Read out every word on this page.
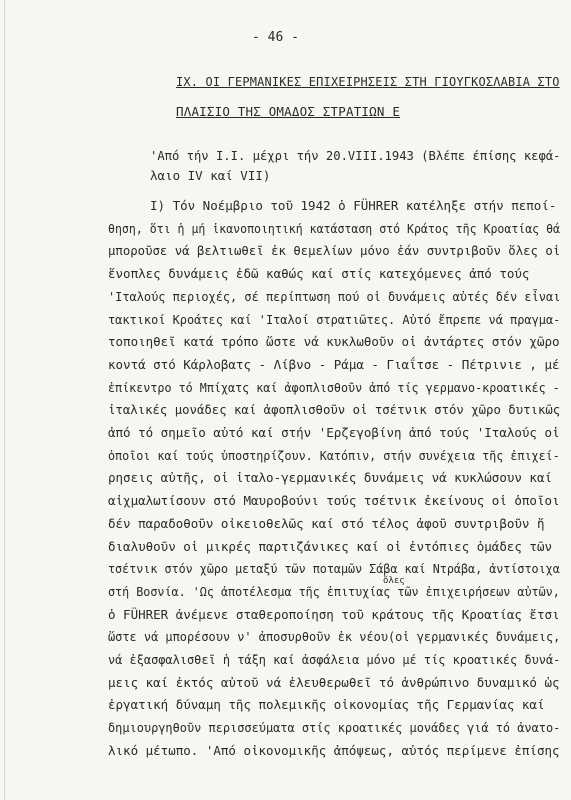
- 46 -
IX. ΟΙ ΓΕΡΜΑΝΙΚΕΣ ΕΠΙΧΕΙΡΗΣΕΙΣ ΣΤΗ ΓΙΟΥΓΚΟΣΛΑΒΙΑ ΣΤΟ
ΠΛΑΙΣΙΟ ΤΗΣ ΟΜΑΔΟΣ ΣΤΡΑΤΙΩΝ Ε
'Από τήν Ι.Ι. μέχρι τήν 20.VIII.1943 (Βλέπε έπίσης κεφά-
λαιο IV καί VII)
I) Τόν Νοέμβριο τοῦ 1942 ὁ FÜHRER κατέληξε στήν πεποί-
θηση, ὅτι ἡ μή ἱκανοποιητική κατάσταση στό Κράτος τῆς Κροατίας θά
μποροῦσε νά βελτιωθεῖ ἐκ θεμελίων μόνο ἐάν συντριβοῦν ὅλες οἱ
ἔνοπλες δυνάμεις ἐδῶ καθώς καί στίς κατεχόμενες ἀπό τούς
'Ιταλούς περιοχές, σέ περίπτωση πού οἱ δυνάμεις αὐτές δέν εἶναι
τακτικοί Κροάτες καί 'Ιταλοί στρατιῶτες. Αὐτό ἔπρεπε νά πραγμα-
τοποιηθεῖ κατά τρόπο ὥστε νά κυκλωθοῦν οἱ ἀντάρτες στόν χῶρο
κοντά στό Κάρλοβατς - Λίβνο - Ράμα - Γιαΐτσε - Πέτρινιε , μέ
ἐπίκεντρο τό Μπίχατς καί ἀφοπλισθοῦν ἀπό τίς γερμανο-κροατικές -
ἰταλικές μονάδες καί ἀφοπλισθοῦν οἱ τσέτνικ στόν χῶρο δυτικῶς
ἀπό τό σημεῖο αὐτό καί στήν 'Ερζεγοβίνη ἀπό τούς 'Ιταλούς οἱ
ὁποῖοι καί τούς ὑποστηρίζουν. Κατόπιν, στήν συνέχεια τῆς ἐπιχεί-
ρησεις αὐτῆς, οἱ ἰταλο-γερμανικές δυνάμεις νά κυκλώσουν καί
αἰχμαλωτίσουν στό Μαυροβούνι τούς τσέτνικ ἐκείνους οἱ ὁποῖοι
δέν παραδοθοῦν οἰκειοθελῶς καί στό τέλος ἀφοῦ συντριβοῦν ἤ
διαλυθοῦν οἱ μικρές παρτιζάνικες καί οἱ ἐντόπιες ὁμάδες τῶν
τσέτνικ στόν χῶρο μεταξύ τῶν ποταμῶν Σάβα καί Ντράβα, ἀντίστοιχα
στή Βοσνία. 'Ως ἀποτέλεσμα τῆς ἐπιτυχίας τῶν ἐπιχειρήσεων αὐτῶν,
ὁ FÜHRER ἀνέμενε σταθεροποίηση τοῦ κράτους τῆς Κροατίας ἔτσι
ὥστε νά μπορέσουν ν' ἀποσυρθοῦν ἐκ νέου(οἱ γερμανικές δυνάμεις,
νά ἐξασφαλισθεῖ ἡ τάξη καί ἀσφάλεια μόνο μέ τίς κροατικές δυνά-
μεις καί ἐκτός αὐτοῦ νά ἐλευθερωθεῖ τό ἀνθρώπινο δυναμικό ὡς
ἐργατική δύναμη τῆς πολεμικῆς οἰκονομίας τῆς Γερμανίας καί
δημιουργηθοῦν περισσεύματα στίς κροατικές μονάδες γιά τό ἀνατο-
λικό μέτωπο. 'Από οἰκονομικῆς ἀπόψεως, αὐτός περίμενε ἐπίσης
ὅλες
